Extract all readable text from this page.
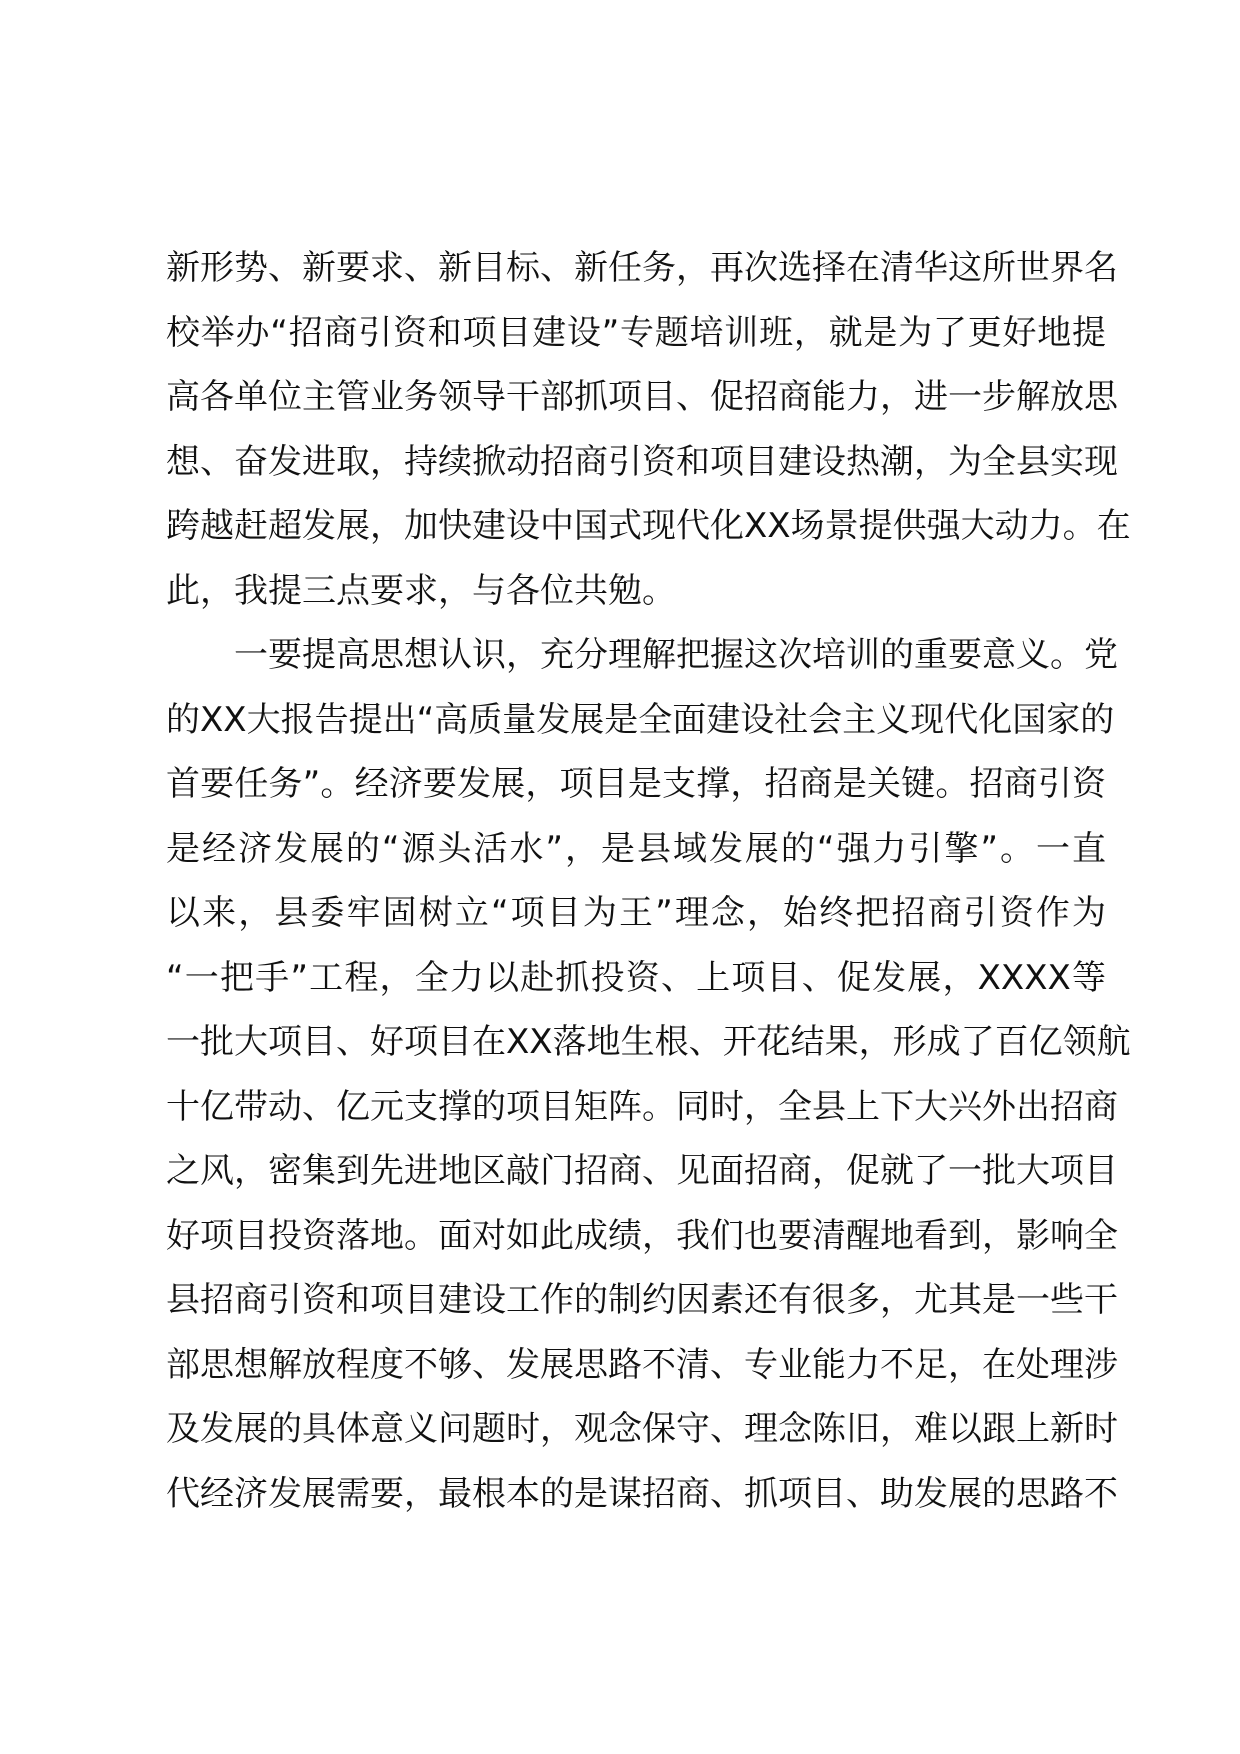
新形势、新要求、新目标、新任务，再次选择在清华这所世界名
校举办“招商引资和项目建设”专题培训班，就是为了更好地提
高各单位主管业务领导干部抓项目、促招商能力，进一步解放思
想、奋发进取，持续掀动招商引资和项目建设热潮，为全县实现
跨越赶超发展，加快建设中国式现代化XX场景提供强大动力。在
此，我提三点要求，与各位共勉。
一要提高思想认识，充分理解把握这次培训的重要意义。党
的XX大报告提出“高质量发展是全面建设社会主义现代化国家的
首要任务”。经济要发展，项目是支撑，招商是关键。招商引资
是经济发展的“源头活水”，是县域发展的“强力引擎”。一直
以来，县委牢固树立“项目为王”理念，始终把招商引资作为
“一把手”工程，全力以赴抓投资、上项目、促发展，XXXX等
一批大项目、好项目在XX落地生根、开花结果，形成了百亿领航
十亿带动、亿元支撑的项目矩阵。同时，全县上下大兴外出招商
之风，密集到先进地区敲门招商、见面招商，促就了一批大项目
好项目投资落地。面对如此成绩，我们也要清醒地看到，影响全
县招商引资和项目建设工作的制约因素还有很多，尤其是一些干
部思想解放程度不够、发展思路不清、专业能力不足，在处理涉
及发展的具体意义问题时，观念保守、理念陈旧，难以跟上新时
代经济发展需要，最根本的是谋招商、抓项目、助发展的思路不
